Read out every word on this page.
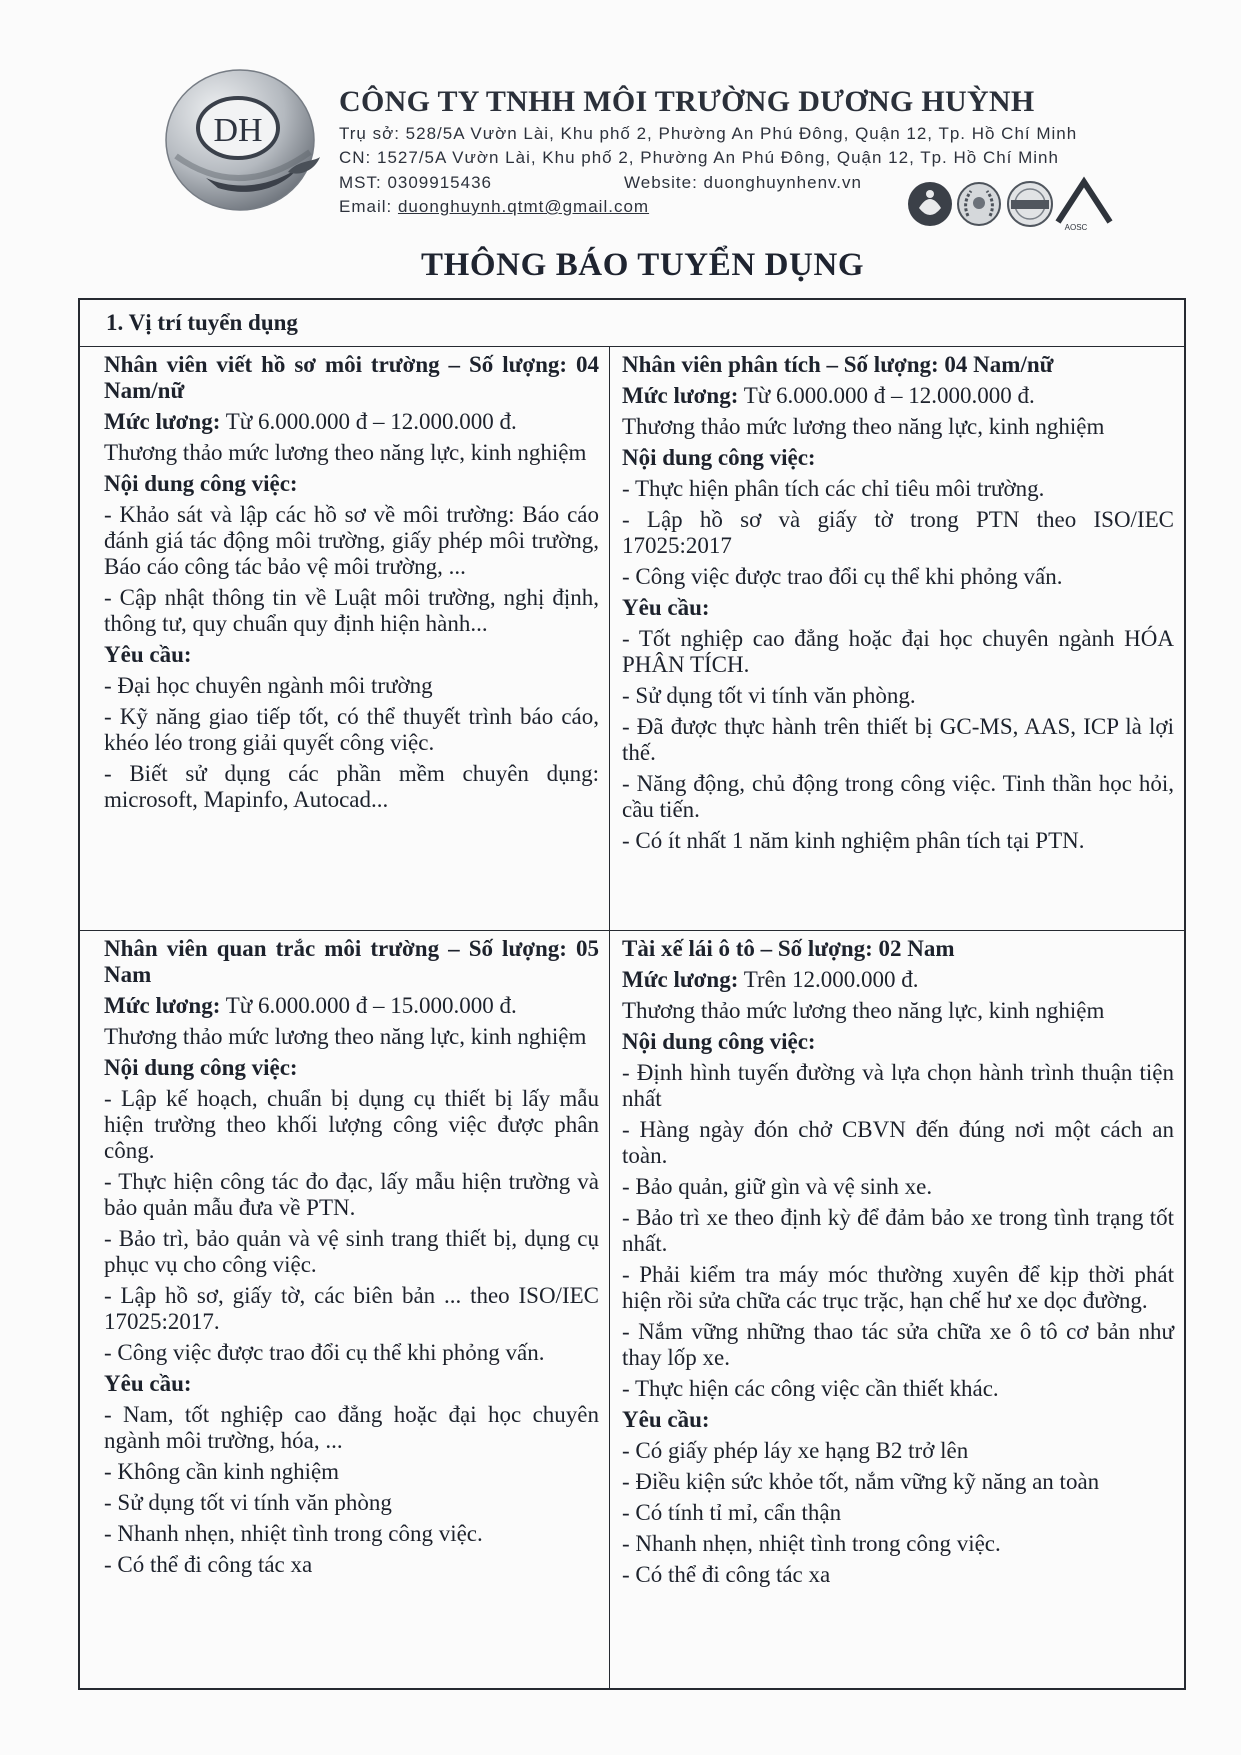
DH
CÔNG TY TNHH MÔI TRƯỜNG DƯƠNG HUỲNH
Trụ sở: 528/5A Vườn Lài, Khu phố 2, Phường An Phú Đông, Quận 12, Tp. Hồ Chí Minh
CN: 1527/5A Vườn Lài, Khu phố 2, Phường An Phú Đông, Quận 12, Tp. Hồ Chí Minh
MST: 0309915436	Website: duonghuynhenv.vn
Email: duonghuynh.qtmt@gmail.com
AOSC
THÔNG BÁO TUYỂN DỤNG
1. Vị trí tuyển dụng

Nhân viên viết hồ sơ môi trường – Số lượng: 04 Nam/nữ

Mức lương: Từ 6.000.000 đ – 12.000.000 đ.

Thương thảo mức lương theo năng lực, kinh nghiệm

Nội dung công việc:

- Khảo sát và lập các hồ sơ về môi trường: Báo cáo đánh giá tác động môi trường, giấy phép môi trường, Báo cáo công tác bảo vệ môi trường, ...

- Cập nhật thông tin về Luật môi trường, nghị định, thông tư, quy chuẩn quy định hiện hành...

Yêu cầu:

- Đại học chuyên ngành môi trường

- Kỹ năng giao tiếp tốt, có thể thuyết trình báo cáo, khéo léo trong giải quyết công việc.

- Biết sử dụng các phần mềm chuyên dụng: microsoft, Mapinfo, Autocad...

Nhân viên phân tích – Số lượng: 04 Nam/nữ

Mức lương: Từ 6.000.000 đ – 12.000.000 đ.

Thương thảo mức lương theo năng lực, kinh nghiệm

Nội dung công việc:

- Thực hiện phân tích các chỉ tiêu môi trường.

- Lập hồ sơ và giấy tờ trong PTN theo ISO/IEC 17025:2017

- Công việc được trao đổi cụ thể khi phỏng vấn.

Yêu cầu:

- Tốt nghiệp cao đẳng hoặc đại học chuyên ngành HÓA PHÂN TÍCH.

- Sử dụng tốt vi tính văn phòng.

- Đã được thực hành trên thiết bị GC-MS, AAS, ICP là lợi thế.

- Năng động, chủ động trong công việc. Tinh thần học hỏi, cầu tiến.

- Có ít nhất 1 năm kinh nghiệm phân tích tại PTN.

Nhân viên quan trắc môi trường – Số lượng: 05 Nam

Mức lương: Từ 6.000.000 đ – 15.000.000 đ.

Thương thảo mức lương theo năng lực, kinh nghiệm

Nội dung công việc:

- Lập kế hoạch, chuẩn bị dụng cụ thiết bị lấy mẫu hiện trường theo khối lượng công việc được phân công.

- Thực hiện công tác đo đạc, lấy mẫu hiện trường và bảo quản mẫu đưa về PTN.

- Bảo trì, bảo quản và vệ sinh trang thiết bị, dụng cụ phục vụ cho công việc.

- Lập hồ sơ, giấy tờ, các biên bản ... theo ISO/IEC 17025:2017.

- Công việc được trao đổi cụ thể khi phỏng vấn.

Yêu cầu:

- Nam, tốt nghiệp cao đẳng hoặc đại học chuyên ngành môi trường, hóa, ...

- Không cần kinh nghiệm

- Sử dụng tốt vi tính văn phòng

- Nhanh nhẹn, nhiệt tình trong công việc.

- Có thể đi công tác xa

Tài xế lái ô tô – Số lượng: 02 Nam

Mức lương: Trên 12.000.000 đ.

Thương thảo mức lương theo năng lực, kinh nghiệm

Nội dung công việc:

- Định hình tuyến đường và lựa chọn hành trình thuận tiện nhất

- Hàng ngày đón chở CBVN đến đúng nơi một cách an toàn.

- Bảo quản, giữ gìn và vệ sinh xe.

- Bảo trì xe theo định kỳ để đảm bảo xe trong tình trạng tốt nhất.

- Phải kiểm tra máy móc thường xuyên để kịp thời phát hiện rồi sửa chữa các trục trặc, hạn chế hư xe dọc đường.

- Nắm vững những thao tác sửa chữa xe ô tô cơ bản như thay lốp xe.

- Thực hiện các công việc cần thiết khác.

Yêu cầu:

- Có giấy phép láy xe hạng B2 trở lên

- Điều kiện sức khỏe tốt, nắm vững kỹ năng an toàn

- Có tính tỉ mỉ, cẩn thận

- Nhanh nhẹn, nhiệt tình trong công việc.

- Có thể đi công tác xa
